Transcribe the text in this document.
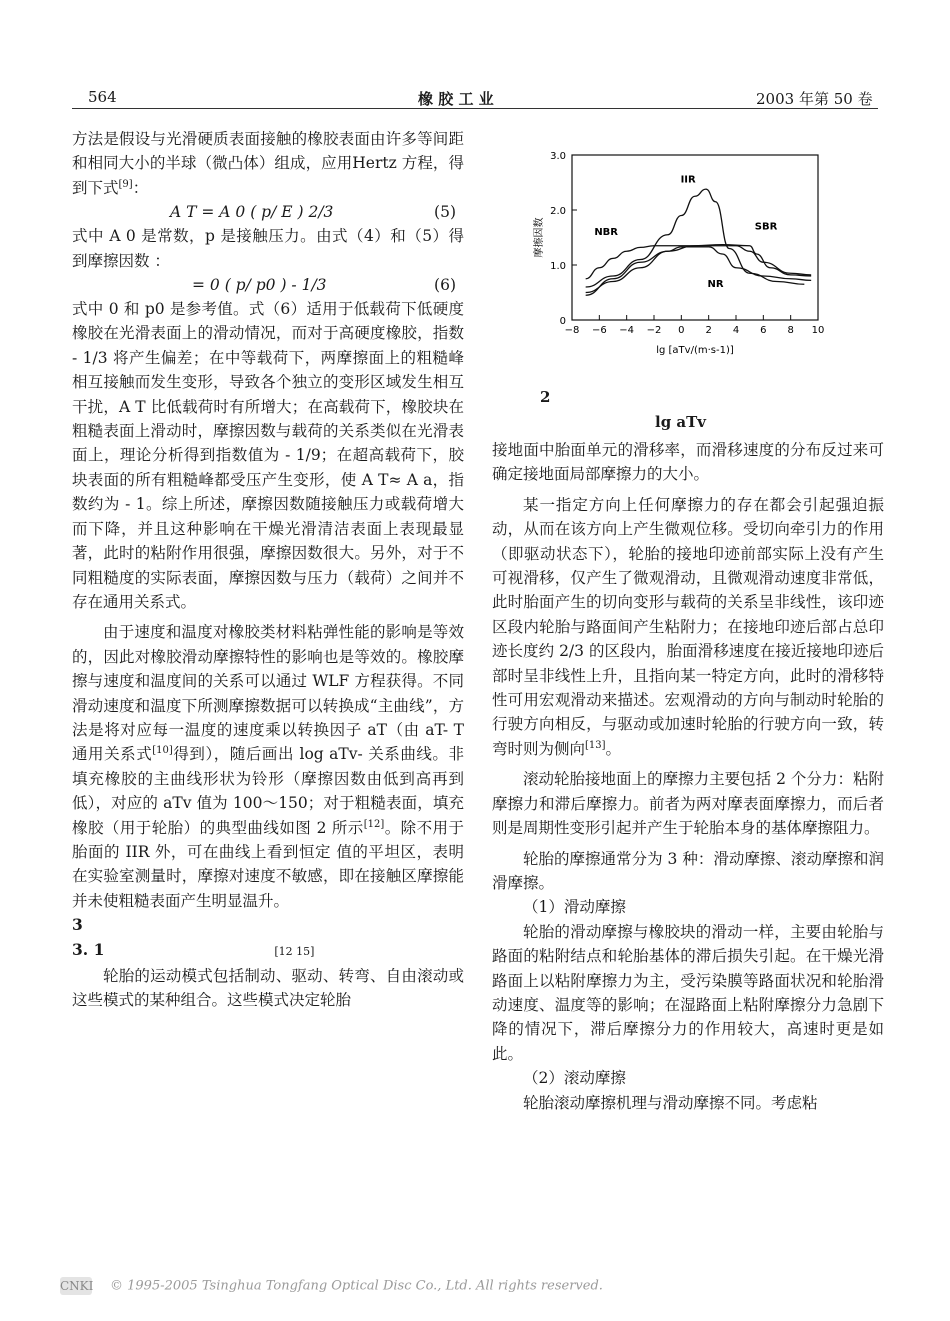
564	橡 胶 工 业	2003 年第 50 卷

方法是假设与光滑硬质表面接触的橡胶表面由许多等间距和相同大小的半球（微凸体）组成，应用Hertz 方程，得到下式[9]：

A T = A 0 ( p/ E ) 2/3	(5)

式中 A 0 是常数，p 是接触压力。由式（4）和（5）得到摩擦因数 ：

= 0 ( p/ p0 ) - 1/3	(6)

式中 0 和 p0 是参考值。式（6）适用于低载荷下低硬度橡胶在光滑表面上的滑动情况，而对于高硬度橡胶，指数 - 1/3 将产生偏差；在中等载荷下，两摩擦面上的粗糙峰相互接触而发生变形，导致各个独立的变形区域发生相互干扰，A T 比低载荷时有所增大；在高载荷下，橡胶块在粗糙表面上滑动时，摩擦因数与载荷的关系类似在光滑表面上，理论分析得到指数值为 - 1/9；在超高载荷下，胶块表面的所有粗糙峰都受压产生变形，使 A T≈ A a，指数约为 - 1。综上所述，摩擦因数随接触压力或载荷增大而下降，并且这种影响在干燥光滑清洁表面上表现最显著，此时的粘附作用很强，摩擦因数很大。另外，对于不同粗糙度的实际表面，摩擦因数与压力（载荷）之间并不存在通用关系式。

由于速度和温度对橡胶类材料粘弹性能的影响是等效的，因此对橡胶滑动摩擦特性的影响也是等效的。橡胶摩擦与速度和温度间的关系可以通过 WLF 方程获得。不同滑动速度和温度下所测摩擦数据可以转换成“主曲线”，方法是将对应每一温度的速度乘以转换因子 aT（由 aT- T 通用关系式[10]得到），随后画出 log aTv- 关系曲线。非填充橡胶的主曲线形状为铃形（摩擦因数由低到高再到低），对应的 aTv 值为 100～150；对于粗糙表面，填充橡胶（用于轮胎）的典型曲线如图 2 所示[12]。除不用于胎面的 IIR 外，可在曲线上看到恒定 值的平坦区，表明在实验室测量时，摩擦对速度不敏感，即在接触区摩擦能并未使粗糙表面产生明显温升。

3

3. 1	[12 15]

轮胎的运动模式包括制动、驱动、转弯、自由滚动或这些模式的某种组合。这些模式决定轮胎

0
1.0
2.0
3.0
−8 −6 −4 −2 0 2 4 6 8 10
lg [aTv/(m·s-1)]
摩擦因数
IIR
NBR	SBR
NR
2
lg aTv

接地面中胎面单元的滑移率，而滑移速度的分布反过来可确定接地面局部摩擦力的大小。

某一指定方向上任何摩擦力的存在都会引起强迫振动，从而在该方向上产生微观位移。受切向牵引力的作用（即驱动状态下），轮胎的接地印迹前部实际上没有产生可视滑移，仅产生了微观滑动，且微观滑动速度非常低，此时胎面产生的切向变形与载荷的关系呈非线性，该印迹区段内轮胎与路面间产生粘附力；在接地印迹后部占总印迹长度约 2/3 的区段内，胎面滑移速度在接近接地印迹后部时呈非线性上升，且指向某一特定方向，此时的滑移特性可用宏观滑动来描述。宏观滑动的方向与制动时轮胎的行驶方向相反，与驱动或加速时轮胎的行驶方向一致，转弯时则为侧向[13]。

滚动轮胎接地面上的摩擦力主要包括 2 个分力：粘附摩擦力和滞后摩擦力。前者为两对摩表面摩擦力，而后者则是周期性变形引起并产生于轮胎本身的基体摩擦阻力。

轮胎的摩擦通常分为 3 种：滑动摩擦、滚动摩擦和润滑摩擦。

（1）滑动摩擦

轮胎的滑动摩擦与橡胶块的滑动一样，主要由轮胎与路面的粘附结点和轮胎基体的滞后损失引起。在干燥光滑路面上以粘附摩擦力为主，受污染膜等路面状况和轮胎滑动速度、温度等的影响；在湿路面上粘附摩擦分力急剧下降的情况下，滞后摩擦分力的作用较大，高速时更是如此。

（2）滚动摩擦

轮胎滚动摩擦机理与滑动摩擦不同。考虑粘

CNKI © 1995-2005 Tsinghua Tongfang Optical Disc Co., Ltd. All rights reserved.
